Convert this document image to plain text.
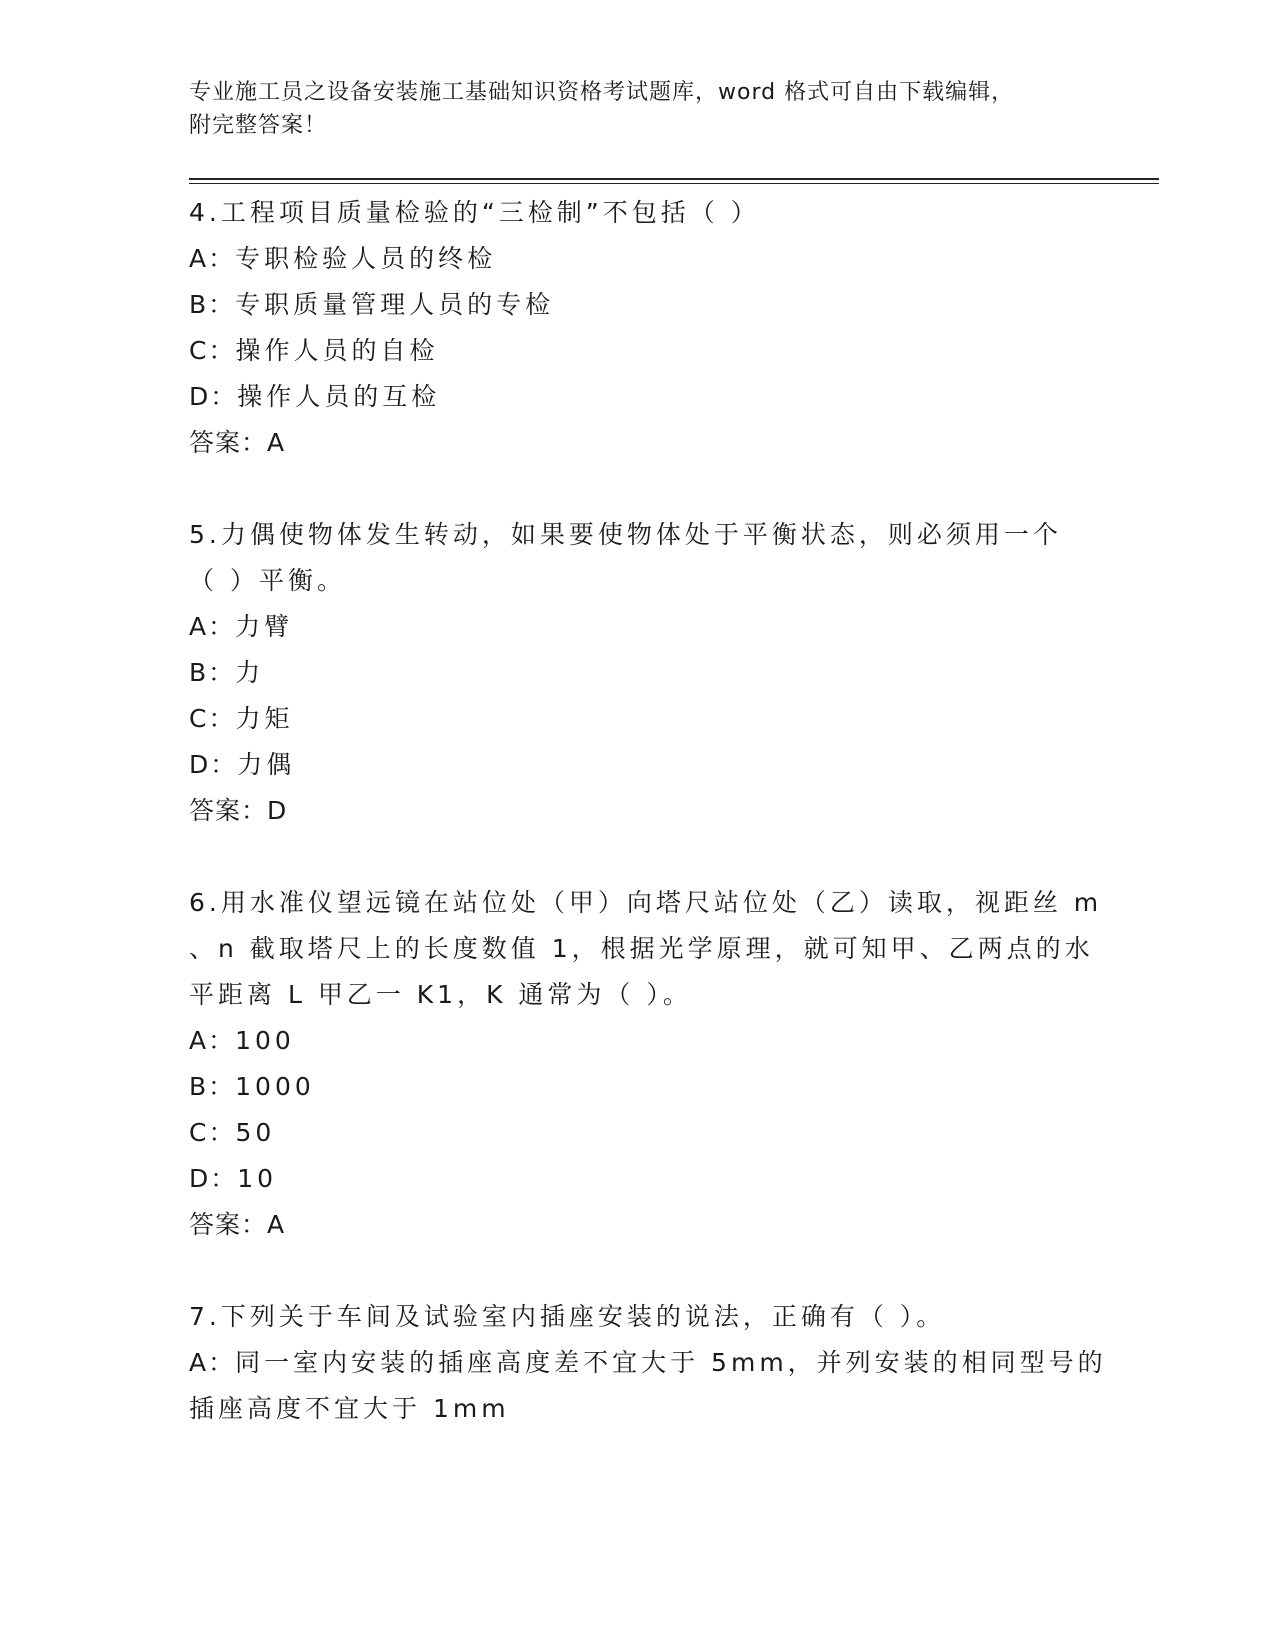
专业施工员之设备安装施工基础知识资格考试题库，word 格式可自由下载编辑，
附完整答案！
4.工程项目质量检验的“三检制”不包括（ ）
A：专职检验人员的终检
B：专职质量管理人员的专检
C：操作人员的自检
D：操作人员的互检
答案：A
5.力偶使物体发生转动，如果要使物体处于平衡状态，则必须用一个
（ ）平衡。
A：力臂
B：力
C：力矩
D：力偶
答案：D
6.用水准仪望远镜在站位处（甲）向塔尺站位处（乙）读取，视距丝 m
、n 截取塔尺上的长度数值 1，根据光学原理，就可知甲、乙两点的水
平距离 L 甲乙一 K1，K 通常为（ ）。
A：100
B：1000
C：50
D：10
答案：A
7.下列关于车间及试验室内插座安装的说法，正确有（ ）。
A：同一室内安装的插座高度差不宜大于 5mm，并列安装的相同型号的
插座高度不宜大于 1mm
